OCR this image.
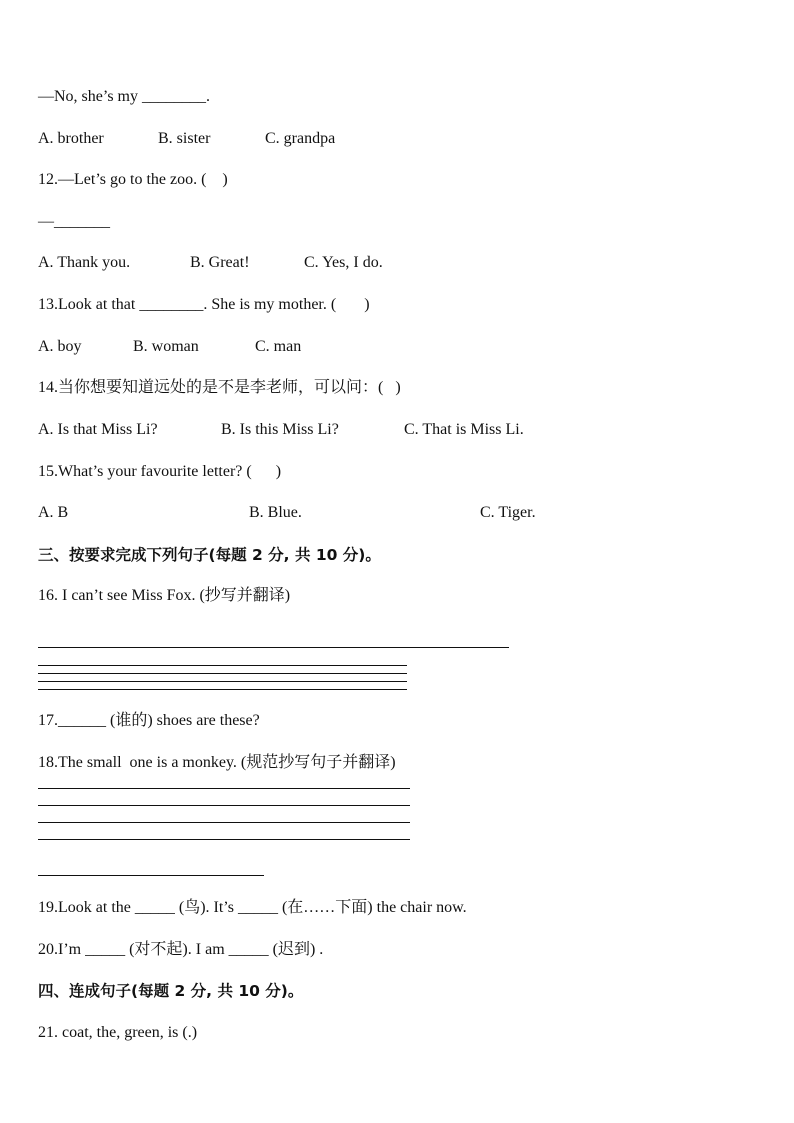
—No, she’s my ________.

A. brother

	B. sister

	C. grandpa

12.—Let’s go to the zoo. (    )
—_______

A. Thank you.

	B. Great!

	C. Yes, I do.

13.Look at that ________. She is my mother. (       )

A. boy

	B. woman

	C. man

14.当你想要知道远处的是不是李老师，可以问：(   )

A. Is that Miss Li?

	B. Is this Miss Li?

	C. That is Miss Li.

15.What’s your favourite letter? (      )

A. B

	B. Blue.

	C. Tiger.

三、按要求完成下列句子(每题 2 分, 共 10 分)。
16. I can’t see Miss Fox. (抄写并翻译)
17.______ (谁的) shoes are these?
18.The small  one is a monkey. (规范抄写句子并翻译)
19.Look at the _____ (鸟). It’s _____ (在……下面) the chair now.
20.I’m _____ (对不起). I am _____ (迟到) .
四、连成句子(每题 2 分, 共 10 分)。
21. coat, the, green, is (.)
